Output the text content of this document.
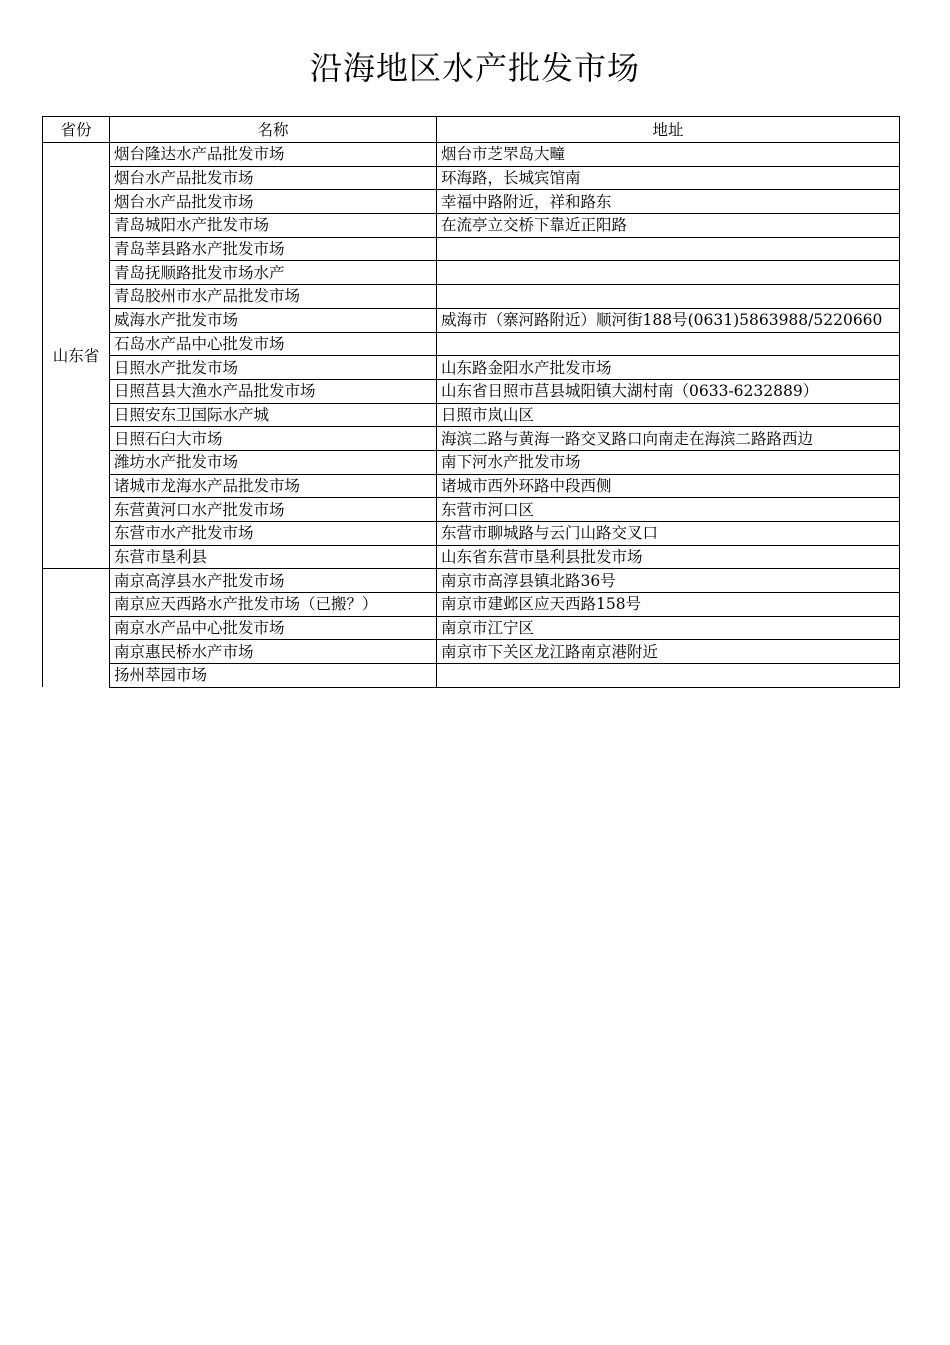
沿海地区水产批发市场
省份	名称	地址
山东省	烟台隆达水产品批发市场	烟台市芝罘岛大疃
	烟台水产品批发市场	环海路，长城宾馆南
	烟台水产品批发市场	幸福中路附近，祥和路东
	青岛城阳水产批发市场	在流亭立交桥下靠近正阳路
	青岛莘县路水产批发市场	
	青岛抚顺路批发市场水产	
	青岛胶州市水产品批发市场	
	威海水产批发市场	威海市（寨河路附近）顺河街188号(0631)5863988/5220660
	石岛水产品中心批发市场	
	日照水产批发市场	山东路金阳水产批发市场
	日照莒县大渔水产品批发市场	山东省日照市莒县城阳镇大湖村南（0633-6232889）
	日照安东卫国际水产城	日照市岚山区
	日照石臼大市场	海滨二路与黄海一路交叉路口向南走在海滨二路路西边
	潍坊水产批发市场	南下河水产批发市场
	诸城市龙海水产品批发市场	诸城市西外环路中段西侧
	东营黄河口水产批发市场	东营市河口区
	东营市水产批发市场	东营市聊城路与云门山路交叉口
	东营市垦利县	山东省东营市垦利县批发市场
	南京高淳县水产批发市场	南京市高淳县镇北路36号
	南京应天西路水产批发市场（已搬？）	南京市建邺区应天西路158号
	南京水产品中心批发市场	南京市江宁区
	南京惠民桥水产市场	南京市下关区龙江路南京港附近
	扬州萃园市场	
